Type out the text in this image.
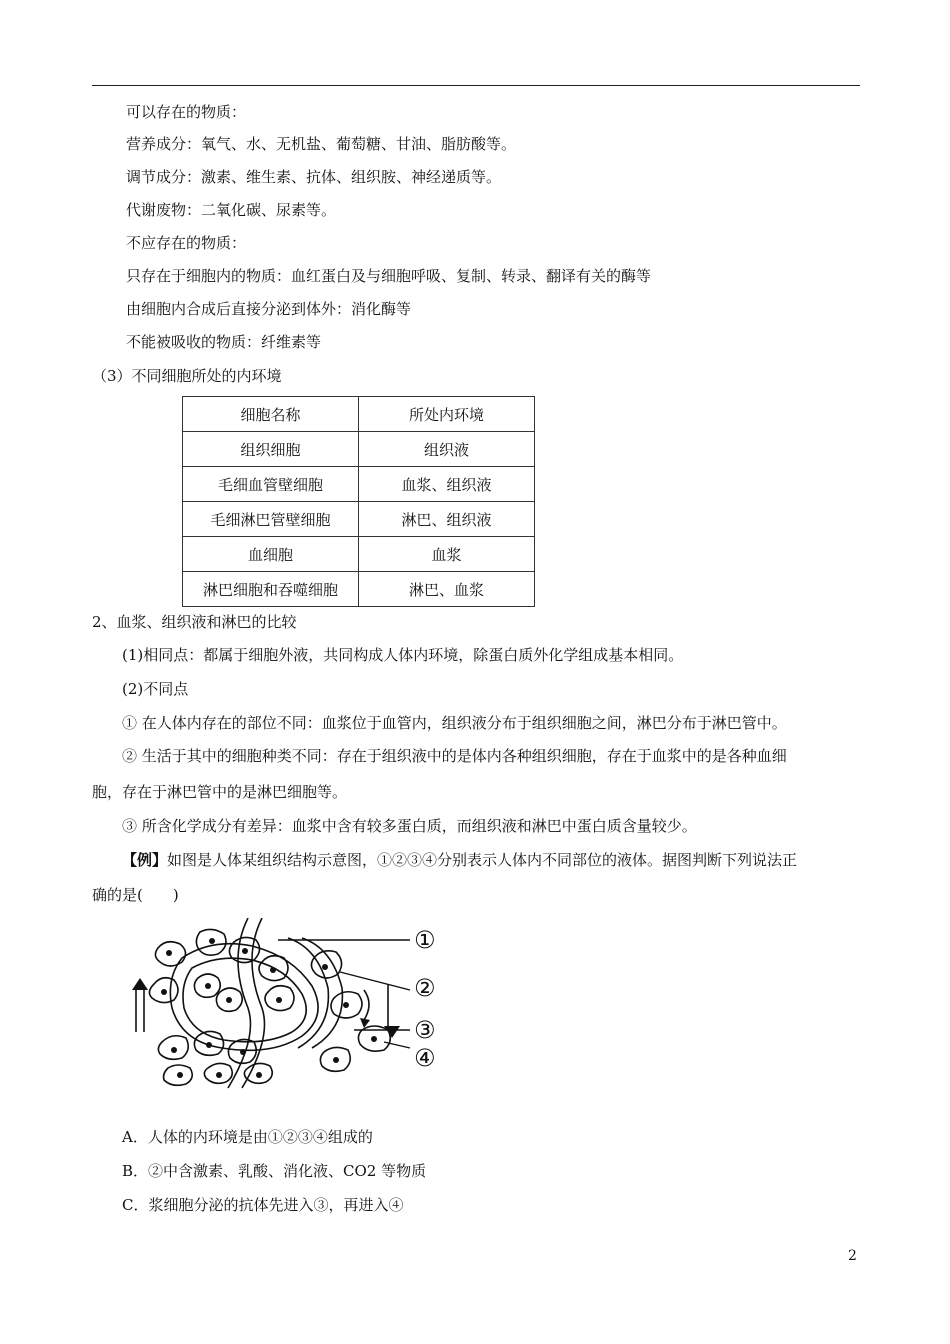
可以存在的物质：
营养成分：氧气、水、无机盐、葡萄糖、甘油、脂肪酸等。
调节成分：激素、维生素、抗体、组织胺、神经递质等。
代谢废物：二氧化碳、尿素等。
不应存在的物质：
只存在于细胞内的物质：血红蛋白及与细胞呼吸、复制、转录、翻译有关的酶等
由细胞内合成后直接分泌到体外：消化酶等
不能被吸收的物质：纤维素等
（3）不同细胞所处的内环境
细胞名称	所处内环境
组织细胞	组织液
毛细血管壁细胞	血浆、组织液
毛细淋巴管壁细胞	淋巴、组织液
血细胞	血浆
淋巴细胞和吞噬细胞	淋巴、血浆
2、血浆、组织液和淋巴的比较
(1)相同点：都属于细胞外液，共同构成人体内环境，除蛋白质外化学组成基本相同。
(2)不同点
① 在人体内存在的部位不同：血浆位于血管内，组织液分布于组织细胞之间，淋巴分布于淋巴管中。
② 生活于其中的细胞种类不同：存在于组织液中的是体内各种组织细胞，存在于血浆中的是各种血细
胞，存在于淋巴管中的是淋巴细胞等。
③ 所含化学成分有差异：血浆中含有较多蛋白质，而组织液和淋巴中蛋白质含量较少。
【例】如图是人体某组织结构示意图，①②③④分别表示人体内不同部位的液体。据图判断下列说法正
确的是(　　)
①
②
③
④
A．人体的内环境是由①②③④组成的
B．②中含激素、乳酸、消化液、CO2 等物质
C．浆细胞分泌的抗体先进入③，再进入④
2
